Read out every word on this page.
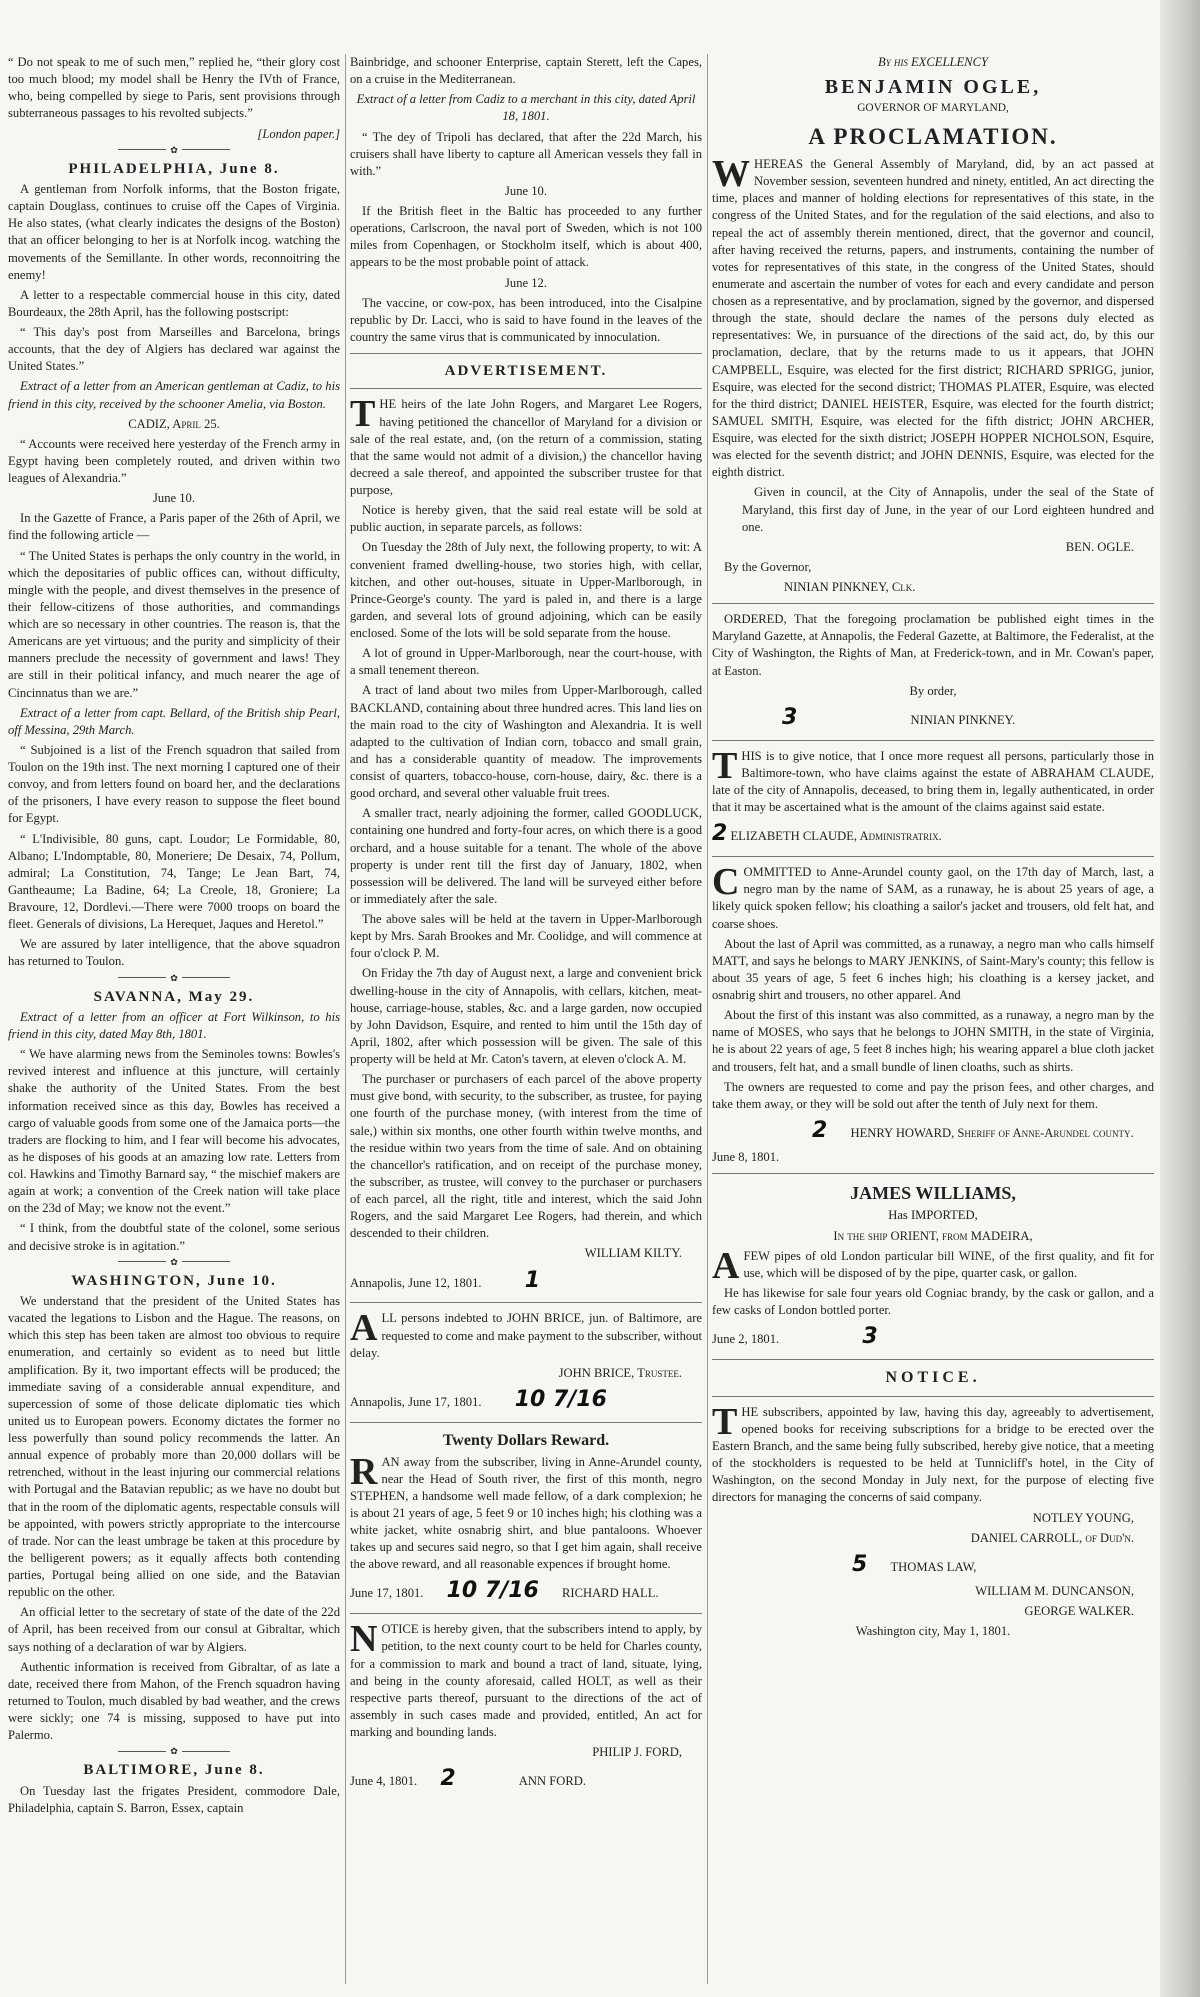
“ Do not speak to me of such men,” replied he, “their glory cost too much blood; my model shall be Henry the IVth of France, who, being compelled by siege to Paris, sent provisions through subterraneous passages to his revolted subjects.”

[London paper.]

✿
PHILADELPHIA, June 8.

A gentleman from Norfolk informs, that the Boston frigate, captain Douglass, continues to cruise off the Capes of Virginia. He also states, (what clearly indicates the designs of the Boston) that an officer belonging to her is at Norfolk incog. watching the movements of the Semillante. In other words, reconnoitring the enemy!

A letter to a respectable commercial house in this city, dated Bourdeaux, the 28th April, has the following postscript:

“ This day's post from Marseilles and Barcelona, brings accounts, that the dey of Algiers has declared war against the United States.”

Extract of a letter from an American gentleman at Cadiz, to his friend in this city, received by the schooner Amelia, via Boston.

CADIZ, April 25.

“ Accounts were received here yesterday of the French army in Egypt having been completely routed, and driven within two leagues of Alexandria.”

June 10.

In the Gazette of France, a Paris paper of the 26th of April, we find the following article —

“ The United States is perhaps the only country in the world, in which the depositaries of public offices can, without difficulty, mingle with the people, and divest themselves in the presence of their fellow-citizens of those authorities, and commandings which are so necessary in other countries. The reason is, that the Americans are yet virtuous; and the purity and simplicity of their manners preclude the necessity of government and laws! They are still in their political infancy, and much nearer the age of Cincinnatus than we are.”

Extract of a letter from capt. Bellard, of the British ship Pearl, off Messina, 29th March.

“ Subjoined is a list of the French squadron that sailed from Toulon on the 19th inst. The next morning I captured one of their convoy, and from letters found on board her, and the declarations of the prisoners, I have every reason to suppose the fleet bound for Egypt.

“ L'Indivisible, 80 guns, capt. Loudor; Le Formidable, 80, Albano; L'Indomptable, 80, Moneriere; De Desaix, 74, Pollum, admiral; La Constitution, 74, Tange; Le Jean Bart, 74, Gantheaume; La Badine, 64; La Creole, 18, Groniere; La Bravoure, 12, Dordlevi.—There were 7000 troops on board the fleet. Generals of divisions, La Herequet, Jaques and Heretol.”

We are assured by later intelligence, that the above squadron has returned to Toulon.

✿
SAVANNA, May 29.

Extract of a letter from an officer at Fort Wilkinson, to his friend in this city, dated May 8th, 1801.

“ We have alarming news from the Seminoles towns: Bowles's revived interest and influence at this juncture, will certainly shake the authority of the United States. From the best information received since as this day, Bowles has received a cargo of valuable goods from some one of the Jamaica ports—the traders are flocking to him, and I fear will become his advocates, as he disposes of his goods at an amazing low rate. Letters from col. Hawkins and Timothy Barnard say, “ the mischief makers are again at work; a convention of the Creek nation will take place on the 23d of May; we know not the event.”

“ I think, from the doubtful state of the colonel, some serious and decisive stroke is in agitation.”

✿
WASHINGTON, June 10.

We understand that the president of the United States has vacated the legations to Lisbon and the Hague. The reasons, on which this step has been taken are almost too obvious to require enumeration, and certainly so evident as to need but little amplification. By it, two important effects will be produced; the immediate saving of a considerable annual expenditure, and supercession of some of those delicate diplomatic ties which united us to European powers. Economy dictates the former no less powerfully than sound policy recommends the latter. An annual expence of probably more than 20,000 dollars will be retrenched, without in the least injuring our commercial relations with Portugal and the Batavian republic; as we have no doubt but that in the room of the diplomatic agents, respectable consuls will be appointed, with powers strictly appropriate to the intercourse of trade. Nor can the least umbrage be taken at this procedure by the belligerent powers; as it equally affects both contending parties, Portugal being allied on one side, and the Batavian republic on the other.

An official letter to the secretary of state of the date of the 22d of April, has been received from our consul at Gibraltar, which says nothing of a declaration of war by Algiers.

Authentic information is received from Gibraltar, of as late a date, received there from Mahon, of the French squadron having returned to Toulon, much disabled by bad weather, and the crews were sickly; one 74 is missing, supposed to have put into Palermo.

✿
BALTIMORE, June 8.

On Tuesday last the frigates President, commodore Dale, Philadelphia, captain S. Barron, Essex, captain

Bainbridge, and schooner Enterprise, captain Sterett, left the Capes, on a cruise in the Mediterranean.

Extract of a letter from Cadiz to a merchant in this city, dated April 18, 1801.

“ The dey of Tripoli has declared, that after the 22d March, his cruisers shall have liberty to capture all American vessels they fall in with.”

June 10.

If the British fleet in the Baltic has proceeded to any further operations, Carlscroon, the naval port of Sweden, which is not 100 miles from Copenhagen, or Stockholm itself, which is about 400, appears to be the most probable point of attack.

June 12.

The vaccine, or cow-pox, has been introduced, into the Cisalpine republic by Dr. Lacci, who is said to have found in the leaves of the country the same virus that is communicated by innoculation.

ADVERTISEMENT.

THE heirs of the late John Rogers, and Margaret Lee Rogers, having petitioned the chancellor of Maryland for a division or sale of the real estate, and, (on the return of a commission, stating that the same would not admit of a division,) the chancellor having decreed a sale thereof, and appointed the subscriber trustee for that purpose,

Notice is hereby given, that the said real estate will be sold at public auction, in separate parcels, as follows:

On Tuesday the 28th of July next, the following property, to wit: A convenient framed dwelling-house, two stories high, with cellar, kitchen, and other out-houses, situate in Upper-Marlborough, in Prince-George's county. The yard is paled in, and there is a large garden, and several lots of ground adjoining, which can be easily enclosed. Some of the lots will be sold separate from the house.

A lot of ground in Upper-Marlborough, near the court-house, with a small tenement thereon.

A tract of land about two miles from Upper-Marlborough, called BACKLAND, containing about three hundred acres. This land lies on the main road to the city of Washington and Alexandria. It is well adapted to the cultivation of Indian corn, tobacco and small grain, and has a considerable quantity of meadow. The improvements consist of quarters, tobacco-house, corn-house, dairy, &c. there is a good orchard, and several other valuable fruit trees.

A smaller tract, nearly adjoining the former, called GOODLUCK, containing one hundred and forty-four acres, on which there is a good orchard, and a house suitable for a tenant. The whole of the above property is under rent till the first day of January, 1802, when possession will be delivered. The land will be surveyed either before or immediately after the sale.

The above sales will be held at the tavern in Upper-Marlborough kept by Mrs. Sarah Brookes and Mr. Coolidge, and will commence at four o'clock P. M.

On Friday the 7th day of August next, a large and convenient brick dwelling-house in the city of Annapolis, with cellars, kitchen, meat-house, carriage-house, stables, &c. and a large garden, now occupied by John Davidson, Esquire, and rented to him until the 15th day of April, 1802, after which possession will be given. The sale of this property will be held at Mr. Caton's tavern, at eleven o'clock A. M.

The purchaser or purchasers of each parcel of the above property must give bond, with security, to the subscriber, as trustee, for paying one fourth of the purchase money, (with interest from the time of sale,) within six months, one other fourth within twelve months, and the residue within two years from the time of sale. And on obtaining the chancellor's ratification, and on receipt of the purchase money, the subscriber, as trustee, will convey to the purchaser or purchasers of each parcel, all the right, title and interest, which the said John Rogers, and the said Margaret Lee Rogers, had therein, and which descended to their children.

WILLIAM KILTY.

Annapolis, June 12, 1801. 1

ALL persons indebted to JOHN BRICE, jun. of Baltimore, are requested to come and make payment to the subscriber, without delay.

JOHN BRICE, Trustee.

Annapolis, June 17, 1801. 10 7/16

Twenty Dollars Reward.

RAN away from the subscriber, living in Anne-Arundel county, near the Head of South river, the first of this month, negro STEPHEN, a handsome well made fellow, of a dark complexion; he is about 21 years of age, 5 feet 9 or 10 inches high; his clothing was a white jacket, white osnabrig shirt, and blue pantaloons. Whoever takes up and secures said negro, so that I get him again, shall receive the above reward, and all reasonable expences if brought home.

June 17, 1801. 10 7/16 RICHARD HALL.

NOTICE is hereby given, that the subscribers intend to apply, by petition, to the next county court to be held for Charles county, for a commission to mark and bound a tract of land, situate, lying, and being in the county aforesaid, called HOLT, as well as their respective parts thereof, pursuant to the directions of the act of assembly in such cases made and provided, entitled, An act for marking and bounding lands.

PHILIP J. FORD,

June 4, 1801. 2	ANN FORD.

By his EXCELLENCY

BENJAMIN OGLE,

GOVERNOR OF MARYLAND,

A PROCLAMATION.

WHEREAS the General Assembly of Maryland, did, by an act passed at November session, seventeen hundred and ninety, entitled, An act directing the time, places and manner of holding elections for representatives of this state, in the congress of the United States, and for the regulation of the said elections, and also to repeal the act of assembly therein mentioned, direct, that the governor and council, after having received the returns, papers, and instruments, containing the number of votes for representatives of this state, in the congress of the United States, should enumerate and ascertain the number of votes for each and every candidate and person chosen as a representative, and by proclamation, signed by the governor, and dispersed through the state, should declare the names of the persons duly elected as representatives: We, in pursuance of the directions of the said act, do, by this our proclamation, declare, that by the returns made to us it appears, that JOHN CAMPBELL, Esquire, was elected for the first district; RICHARD SPRIGG, junior, Esquire, was elected for the second district; THOMAS PLATER, Esquire, was elected for the third district; DANIEL HEISTER, Esquire, was elected for the fourth district; SAMUEL SMITH, Esquire, was elected for the fifth district; JOHN ARCHER, Esquire, was elected for the sixth district; JOSEPH HOPPER NICHOLSON, Esquire, was elected for the seventh district; and JOHN DENNIS, Esquire, was elected for the eighth district.

Given in council, at the City of Annapolis, under the seal of the State of Maryland, this first day of June, in the year of our Lord eighteen hundred and one.

BEN. OGLE.

By the Governor,

NINIAN PINKNEY, Clk.

ORDERED, That the foregoing proclamation be published eight times in the Maryland Gazette, at Annapolis, the Federal Gazette, at Baltimore, the Federalist, at the City of Washington, the Rights of Man, at Frederick-town, and in Mr. Cowan's paper, at Easton.

By order,

3	NINIAN PINKNEY.

THIS is to give notice, that I once more request all persons, particularly those in Baltimore-town, who have claims against the estate of ABRAHAM CLAUDE, late of the city of Annapolis, deceased, to bring them in, legally authenticated, in order that it may be ascertained what is the amount of the claims against said estate.

2 ELIZABETH CLAUDE, Administratrix.

COMMITTED to Anne-Arundel county gaol, on the 17th day of March, last, a negro man by the name of SAM, as a runaway, he is about 25 years of age, a likely quick spoken fellow; his cloathing a sailor's jacket and trousers, old felt hat, and coarse shoes.

About the last of April was committed, as a runaway, a negro man who calls himself MATT, and says he belongs to MARY JENKINS, of Saint-Mary's county; this fellow is about 35 years of age, 5 feet 6 inches high; his cloathing is a kersey jacket, and osnabrig shirt and trousers, no other apparel. And

About the first of this instant was also committed, as a runaway, a negro man by the name of MOSES, who says that he belongs to JOHN SMITH, in the state of Virginia, he is about 22 years of age, 5 feet 8 inches high; his wearing apparel a blue cloth jacket and trousers, felt hat, and a small bundle of linen cloaths, such as shirts.

The owners are requested to come and pay the prison fees, and other charges, and take them away, or they will be sold out after the tenth of July next for them.

2 HENRY HOWARD, Sheriff of Anne-Arundel county.

June 8, 1801.

JAMES WILLIAMS,

Has IMPORTED,

In the ship ORIENT, from MADEIRA,

AFEW pipes of old London particular bill WINE, of the first quality, and fit for use, which will be disposed of by the pipe, quarter cask, or gallon.

He has likewise for sale four years old Cogniac brandy, by the cask or gallon, and a few casks of London bottled porter.

June 2, 1801.	3

NOTICE.

THE subscribers, appointed by law, having this day, agreeably to advertisement, opened books for receiving subscriptions for a bridge to be erected over the Eastern Branch, and the same being fully subscribed, hereby give notice, that a meeting of the stockholders is requested to be held at Tunnicliff's hotel, in the City of Washington, on the second Monday in July next, for the purpose of electing five directors for managing the concerns of said company.

NOTLEY YOUNG,

DANIEL CARROLL, of Dud'n.

5 THOMAS LAW,

WILLIAM M. DUNCANSON,

GEORGE WALKER.

Washington city, May 1, 1801.
